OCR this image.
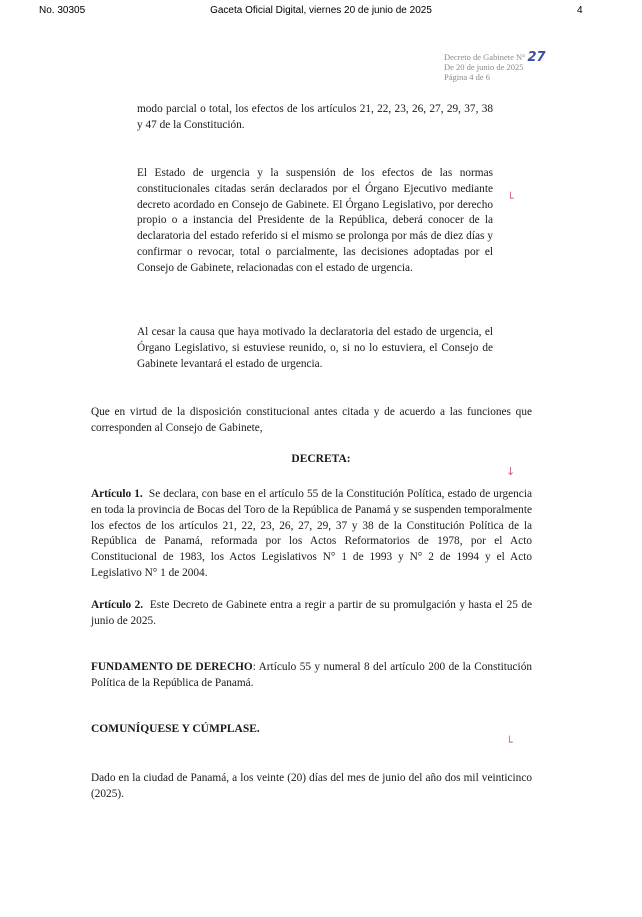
No. 30305	Gaceta Oficial Digital, viernes 20 de junio de 2025	4
Decreto de Gabinete N° 27
De 20 de junio de 2025
Página 4 de 6

modo parcial o total, los efectos de los artículos 21, 22, 23, 26, 27, 29, 37, 38 y 47 de la Constitución.

El Estado de urgencia y la suspensión de los efectos de las normas constitucionales citadas serán declarados por el Órgano Ejecutivo mediante decreto acordado en Consejo de Gabinete. El Órgano Legislativo, por derecho propio o a instancia del Presidente de la República, deberá conocer de la declaratoria del estado referido si el mismo se prolonga por más de diez días y confirmar o revocar, total o parcialmente, las decisiones adoptadas por el Consejo de Gabinete, relacionadas con el estado de urgencia.

Al cesar la causa que haya motivado la declaratoria del estado de urgencia, el Órgano Legislativo, si estuviese reunido, o, si no lo estuviera, el Consejo de Gabinete levantará el estado de urgencia.

Que en virtud de la disposición constitucional antes citada y de acuerdo a las funciones que corresponden al Consejo de Gabinete,

DECRETA:

Artículo 1. Se declara, con base en el artículo 55 de la Constitución Política, estado de urgencia en toda la provincia de Bocas del Toro de la República de Panamá y se suspenden temporalmente los efectos de los artículos 21, 22, 23, 26, 27, 29, 37 y 38 de la Constitución Política de la República de Panamá, reformada por los Actos Reformatorios de 1978, por el Acto Constitucional de 1983, los Actos Legislativos N° 1 de 1993 y N° 2 de 1994 y el Acto Legislativo N° 1 de 2004.

Artículo 2. Este Decreto de Gabinete entra a regir a partir de su promulgación y hasta el 25 de junio de 2025.

FUNDAMENTO DE DERECHO: Artículo 55 y numeral 8 del artículo 200 de la Constitución Política de la República de Panamá.

COMUNÍQUESE Y CÚMPLASE.

Dado en la ciudad de Panamá, a los veinte (20) días del mes de junio del año dos mil veinticinco (2025).

└
↓
└
